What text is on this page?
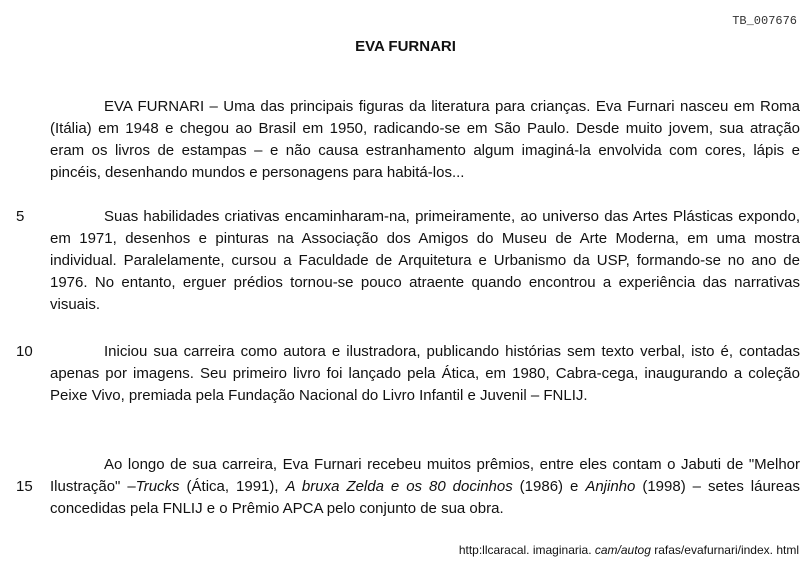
TB_007676
EVA FURNARI

EVA FURNARI – Uma das principais figuras da literatura para crianças. Eva Furnari nasceu em Roma (Itália) em 1948 e chegou ao Brasil em 1950, radicando-se em São Paulo. Desde muito jovem, sua atração eram os livros de estampas – e não causa estranhamento algum imaginá-la envolvida com cores, lápis e pincéis, desenhando mundos e personagens para habitá-los...

5	Suas habilidades criativas encaminharam-na, primeiramente, ao universo das Artes Plásticas expondo, em 1971, desenhos e pinturas na Associação dos Amigos do Museu de Arte Moderna, em uma mostra individual. Paralelamente, cursou a Faculdade de Arquitetura e Urbanismo da USP, formando-se no ano de 1976. No entanto, erguer prédios tornou-se pouco atraente quando encontrou a experiência das narrativas visuais.

10	Iniciou sua carreira como autora e ilustradora, publicando histórias sem texto verbal, isto é, contadas apenas por imagens. Seu primeiro livro foi lançado pela Ática, em 1980, Cabra-cega, inaugurando a coleção Peixe Vivo, premiada pela Fundação Nacional do Livro Infantil e Juvenil – FNLIJ.

15

Ao longo de sua carreira, Eva Furnari recebeu muitos prêmios, entre eles contam o Jabuti de "Melhor Ilustração" –Trucks (Ática, 1991), A bruxa Zelda e os 80 docinhos (1986) e Anjinho (1998) – setes láureas concedidas pela FNLIJ e o Prêmio APCA pelo conjunto de sua obra.

http:llcaracal. imaginaria. cam/autog rafas/evafurnari/index. html
